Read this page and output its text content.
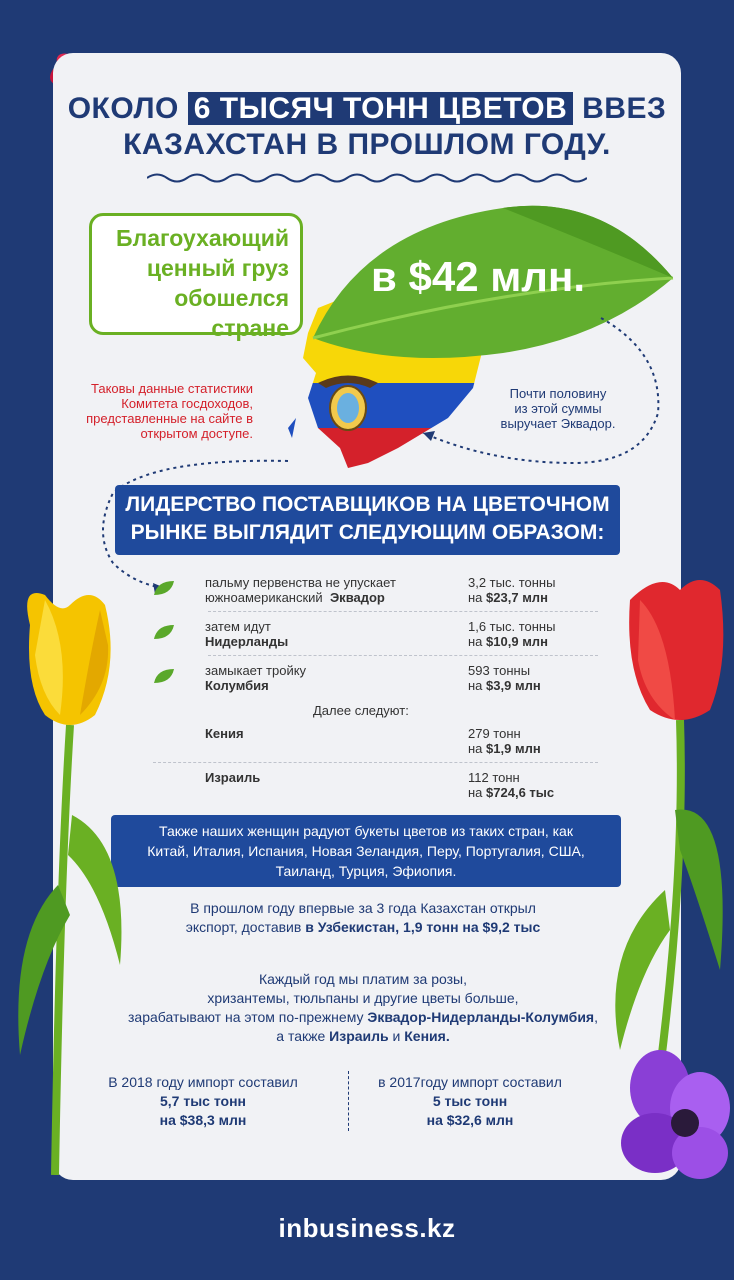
ОКОЛО 6 ТЫСЯЧ ТОНН ЦВЕТОВ ВВЕЗ
КАЗАХСТАН В ПРОШЛОМ ГОДУ.
Благоухающий
ценный груз
обошелся стране
в $42 млн.
Таковы данные статистики
Комитета госдоходов,
представленные на сайте в
открытом доступе.
Почти половину
из этой суммы
выручает Эквадор.
ЛИДЕРСТВО ПОСТАВЩИКОВ НА ЦВЕТОЧНОМ
РЫНКЕ ВЫГЛЯДИТ СЛЕДУЮЩИМ ОБРАЗОМ:
пальму первенства не упускает
южноамериканский Эквадор
3,2 тыс. тонны
на $23,7 млн
затем идут
Нидерланды
1,6 тыс. тонны
на $10,9 млн
замыкает тройку
Колумбия
593 тонны
на $3,9 млн
Далее следуют:
Кения	279 тонн
на $1,9 млн
Израиль	112 тонн
на $724,6 тыс
Также наших женщин радуют букеты цветов из таких стран, как
Китай, Италия, Испания, Новая Зеландия, Перу, Португалия, США,
Таиланд, Турция, Эфиопия.
В прошлом году впервые за 3 года Казахстан открыл
экспорт, доставив в Узбекистан, 1,9 тонн на $9,2 тыс
Каждый год мы платим за розы,
хризантемы, тюльпаны и другие цветы больше,
зарабатывают на этом по-прежнему Эквадор-Нидерланды-Колумбия,
а также Израиль и Кения.
В 2018 году импорт составил
5,7 тыс тонн
на $38,3 млн
в 2017году импорт составил
5 тыс тонн
на $32,6 млн
inbusiness.kz
